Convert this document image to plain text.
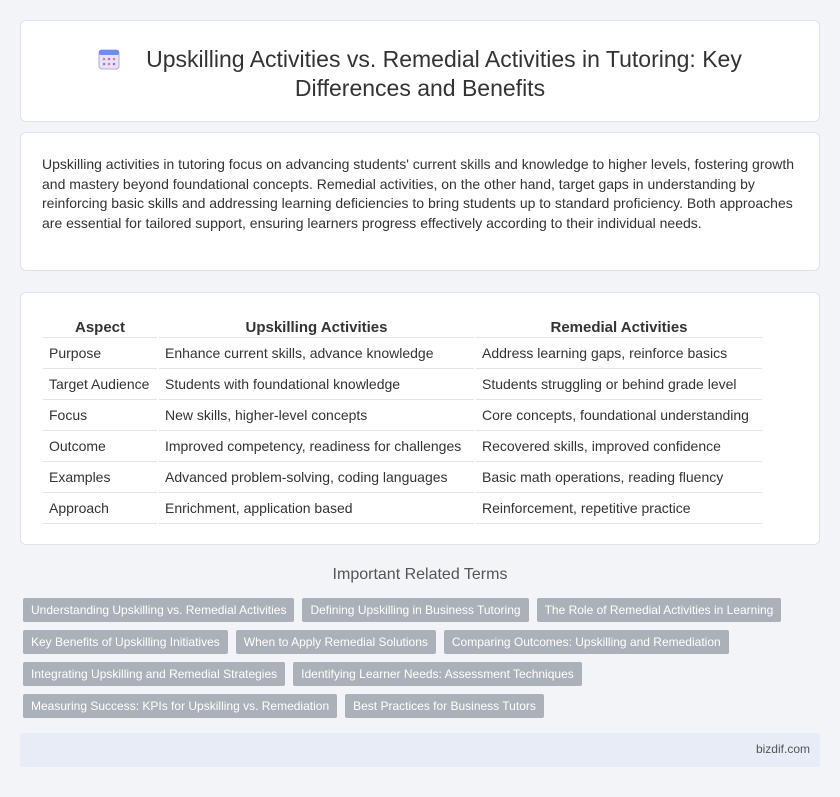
Upskilling Activities vs. Remedial Activities in Tutoring: Key Differences and Benefits

Upskilling activities in tutoring focus on advancing students' current skills and knowledge to higher levels, fostering growth and mastery beyond foundational concepts. Remedial activities, on the other hand, target gaps in understanding by reinforcing basic skills and addressing learning deficiencies to bring students up to standard proficiency. Both approaches are essential for tailored support, ensuring learners progress effectively according to their individual needs.

Aspect	Upskilling Activities	Remedial Activities
Purpose	Enhance current skills, advance knowledge	Address learning gaps, reinforce basics
Target Audience	Students with foundational knowledge	Students struggling or behind grade level
Focus	New skills, higher-level concepts	Core concepts, foundational understanding
Outcome	Improved competency, readiness for challenges	Recovered skills, improved confidence
Examples	Advanced problem-solving, coding languages	Basic math operations, reading fluency
Approach	Enrichment, application based	Reinforcement, repetitive practice
Important Related Terms
Understanding Upskilling vs. Remedial Activities	Defining Upskilling in Business Tutoring	The Role of Remedial Activities in Learning
Key Benefits of Upskilling Initiatives	When to Apply Remedial Solutions	Comparing Outcomes: Upskilling and Remediation
Integrating Upskilling and Remedial Strategies	Identifying Learner Needs: Assessment Techniques
Measuring Success: KPIs for Upskilling vs. Remediation	Best Practices for Business Tutors
bizdif.com
